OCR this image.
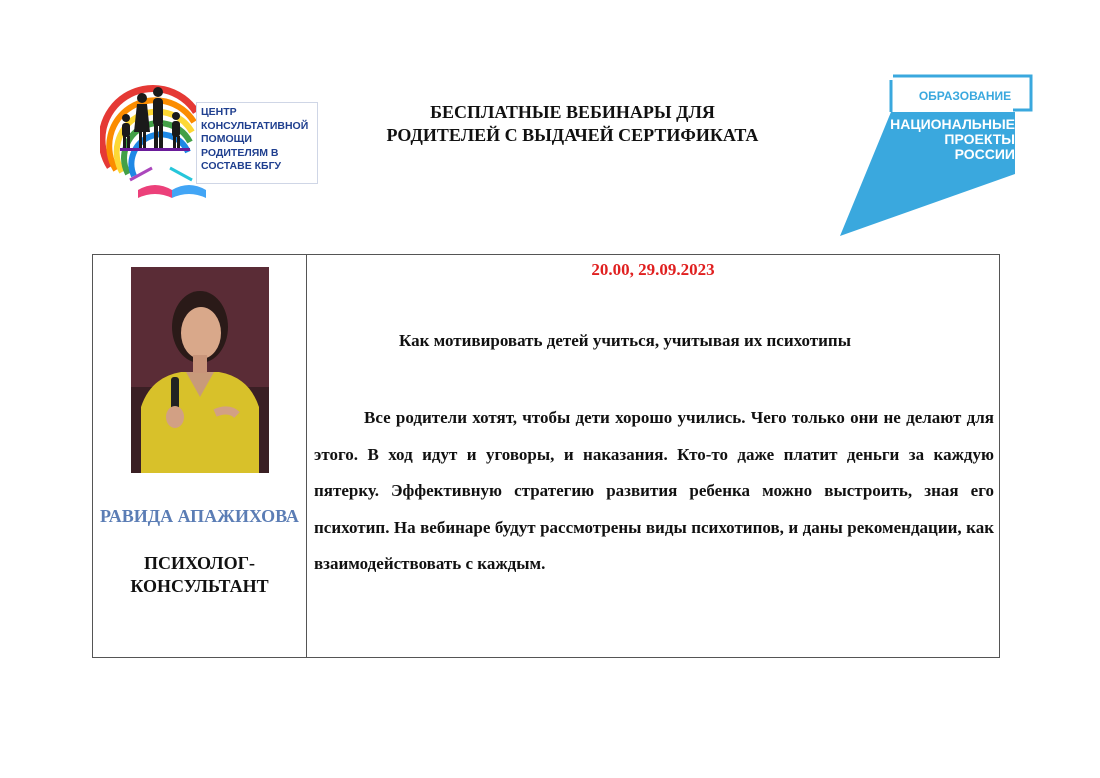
ЦЕНТР КОНСУЛЬТАТИВНОЙ ПОМОЩИ РОДИТЕЛЯМ В СОСТАВЕ КБГУ
БЕСПЛАТНЫЕ ВЕБИНАРЫ ДЛЯ РОДИТЕЛЕЙ С ВЫДАЧЕЙ СЕРТИФИКАТА
ОБРАЗОВАНИЕ
НАЦИОНАЛЬНЫЕ
ПРОЕКТЫ
РОССИИ
РАВИДА АПАЖИХОВА
ПСИХОЛОГ-КОНСУЛЬТАНТ

20.00, 29.09.2023
Как мотивировать детей учиться, учитывая их психотипы
Все родители хотят, чтобы дети хорошо учились. Чего только они не делают для этого. В ход идут и уговоры, и наказания. Кто-то даже платит деньги за каждую пятерку. Эффективную стратегию развития ребенка можно выстроить, зная его психотип. На вебинаре будут рассмотрены виды психотипов, и даны рекомендации, как взаимодействовать с каждым.
